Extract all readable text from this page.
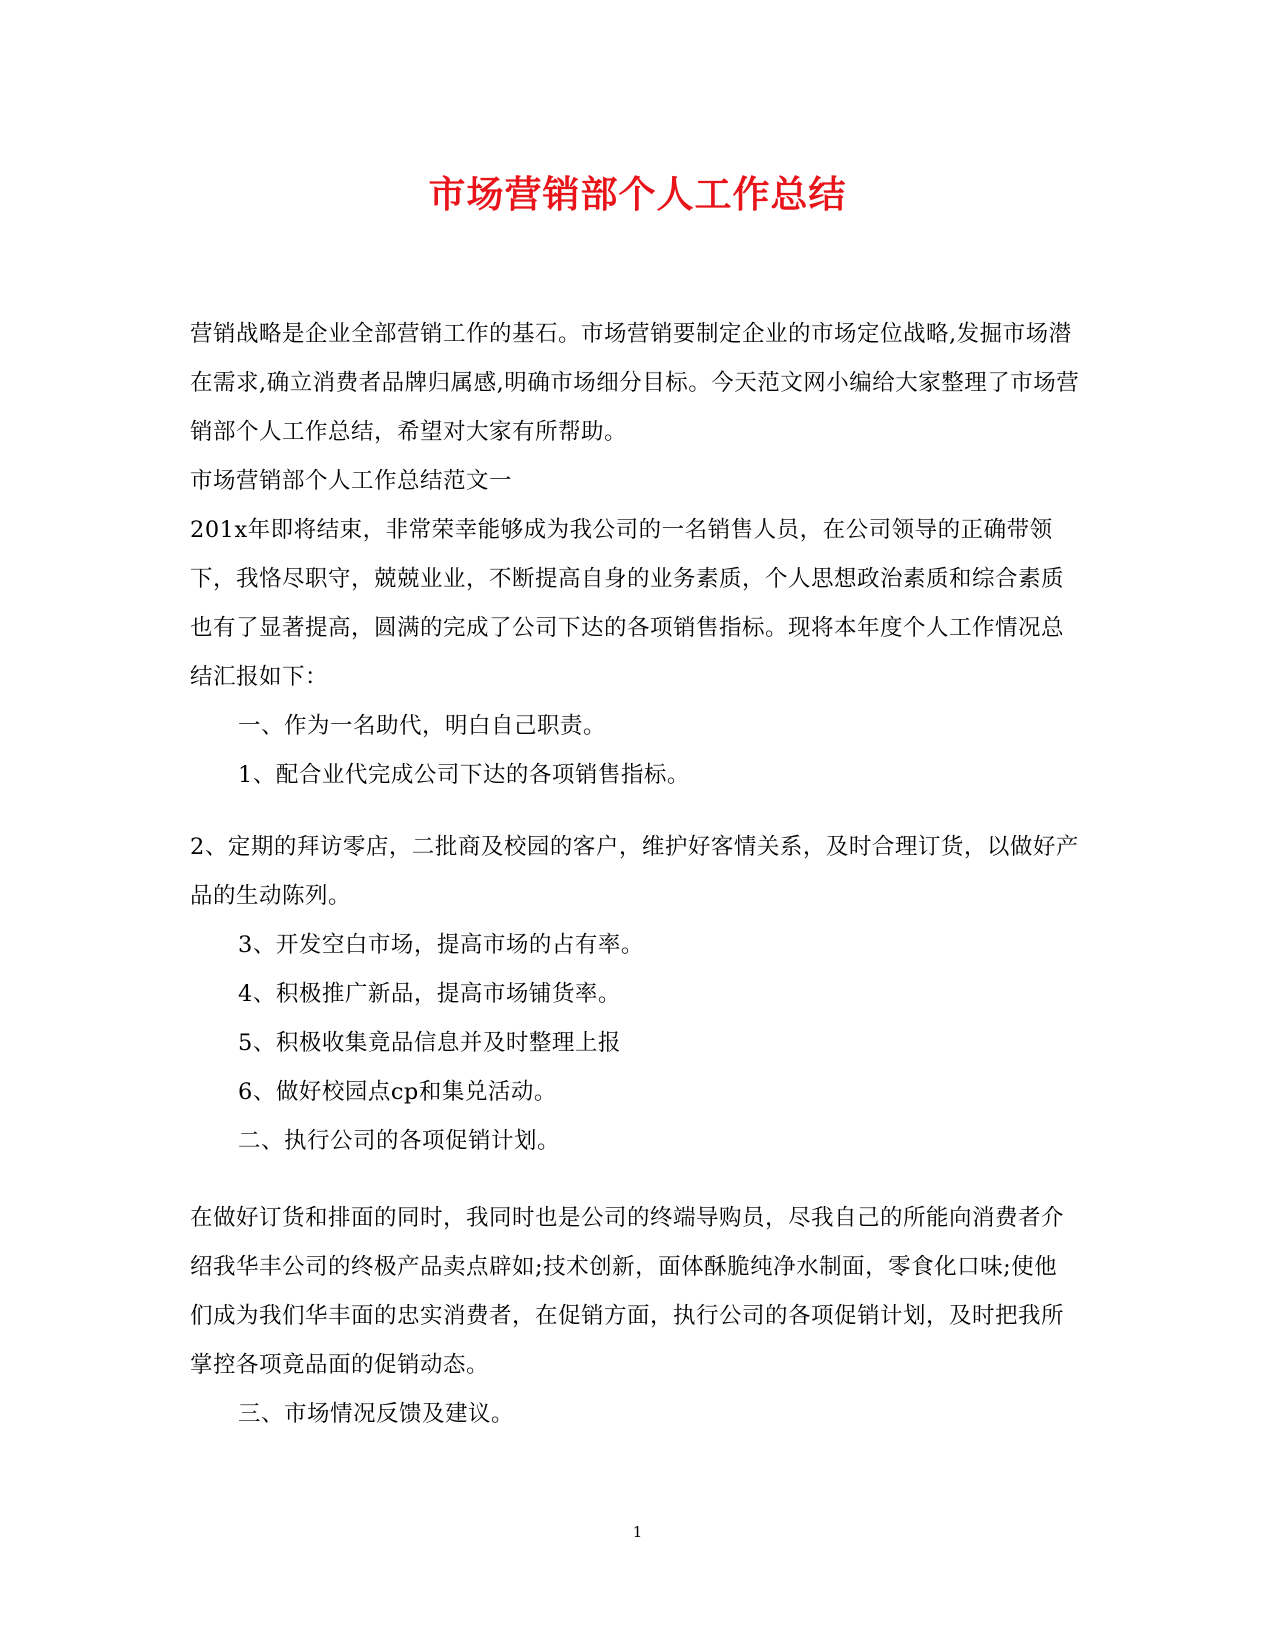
市场营销部个人工作总结

营销战略是企业全部营销工作的基石。市场营销要制定企业的市场定位战略,发掘市场潜在需求,确立消费者品牌归属感,明确市场细分目标。今天范文网小编给大家整理了市场营销部个人工作总结，希望对大家有所帮助。

市场营销部个人工作总结范文一

201x年即将结束，非常荣幸能够成为我公司的一名销售人员，在公司领导的正确带领下，我恪尽职守，兢兢业业，不断提高自身的业务素质，个人思想政治素质和综合素质也有了显著提高，圆满的完成了公司下达的各项销售指标。现将本年度个人工作情况总结汇报如下：

一、作为一名助代，明白自己职责。

1、配合业代完成公司下达的各项销售指标。

2、定期的拜访零店，二批商及校园的客户，维护好客情关系，及时合理订货，以做好产品的生动陈列。

3、开发空白市场，提高市场的占有率。

4、积极推广新品，提高市场铺货率。

5、积极收集竟品信息并及时整理上报

6、做好校园点cp和集兑活动。

二、执行公司的各项促销计划。

在做好订货和排面的同时，我同时也是公司的终端导购员，尽我自己的所能向消费者介绍我华丰公司的终极产品卖点辟如;技术创新，面体酥脆纯净水制面，零食化口味;使他们成为我们华丰面的忠实消费者，在促销方面，执行公司的各项促销计划，及时把我所掌控各项竟品面的促销动态。

三、市场情况反馈及建议。

1
